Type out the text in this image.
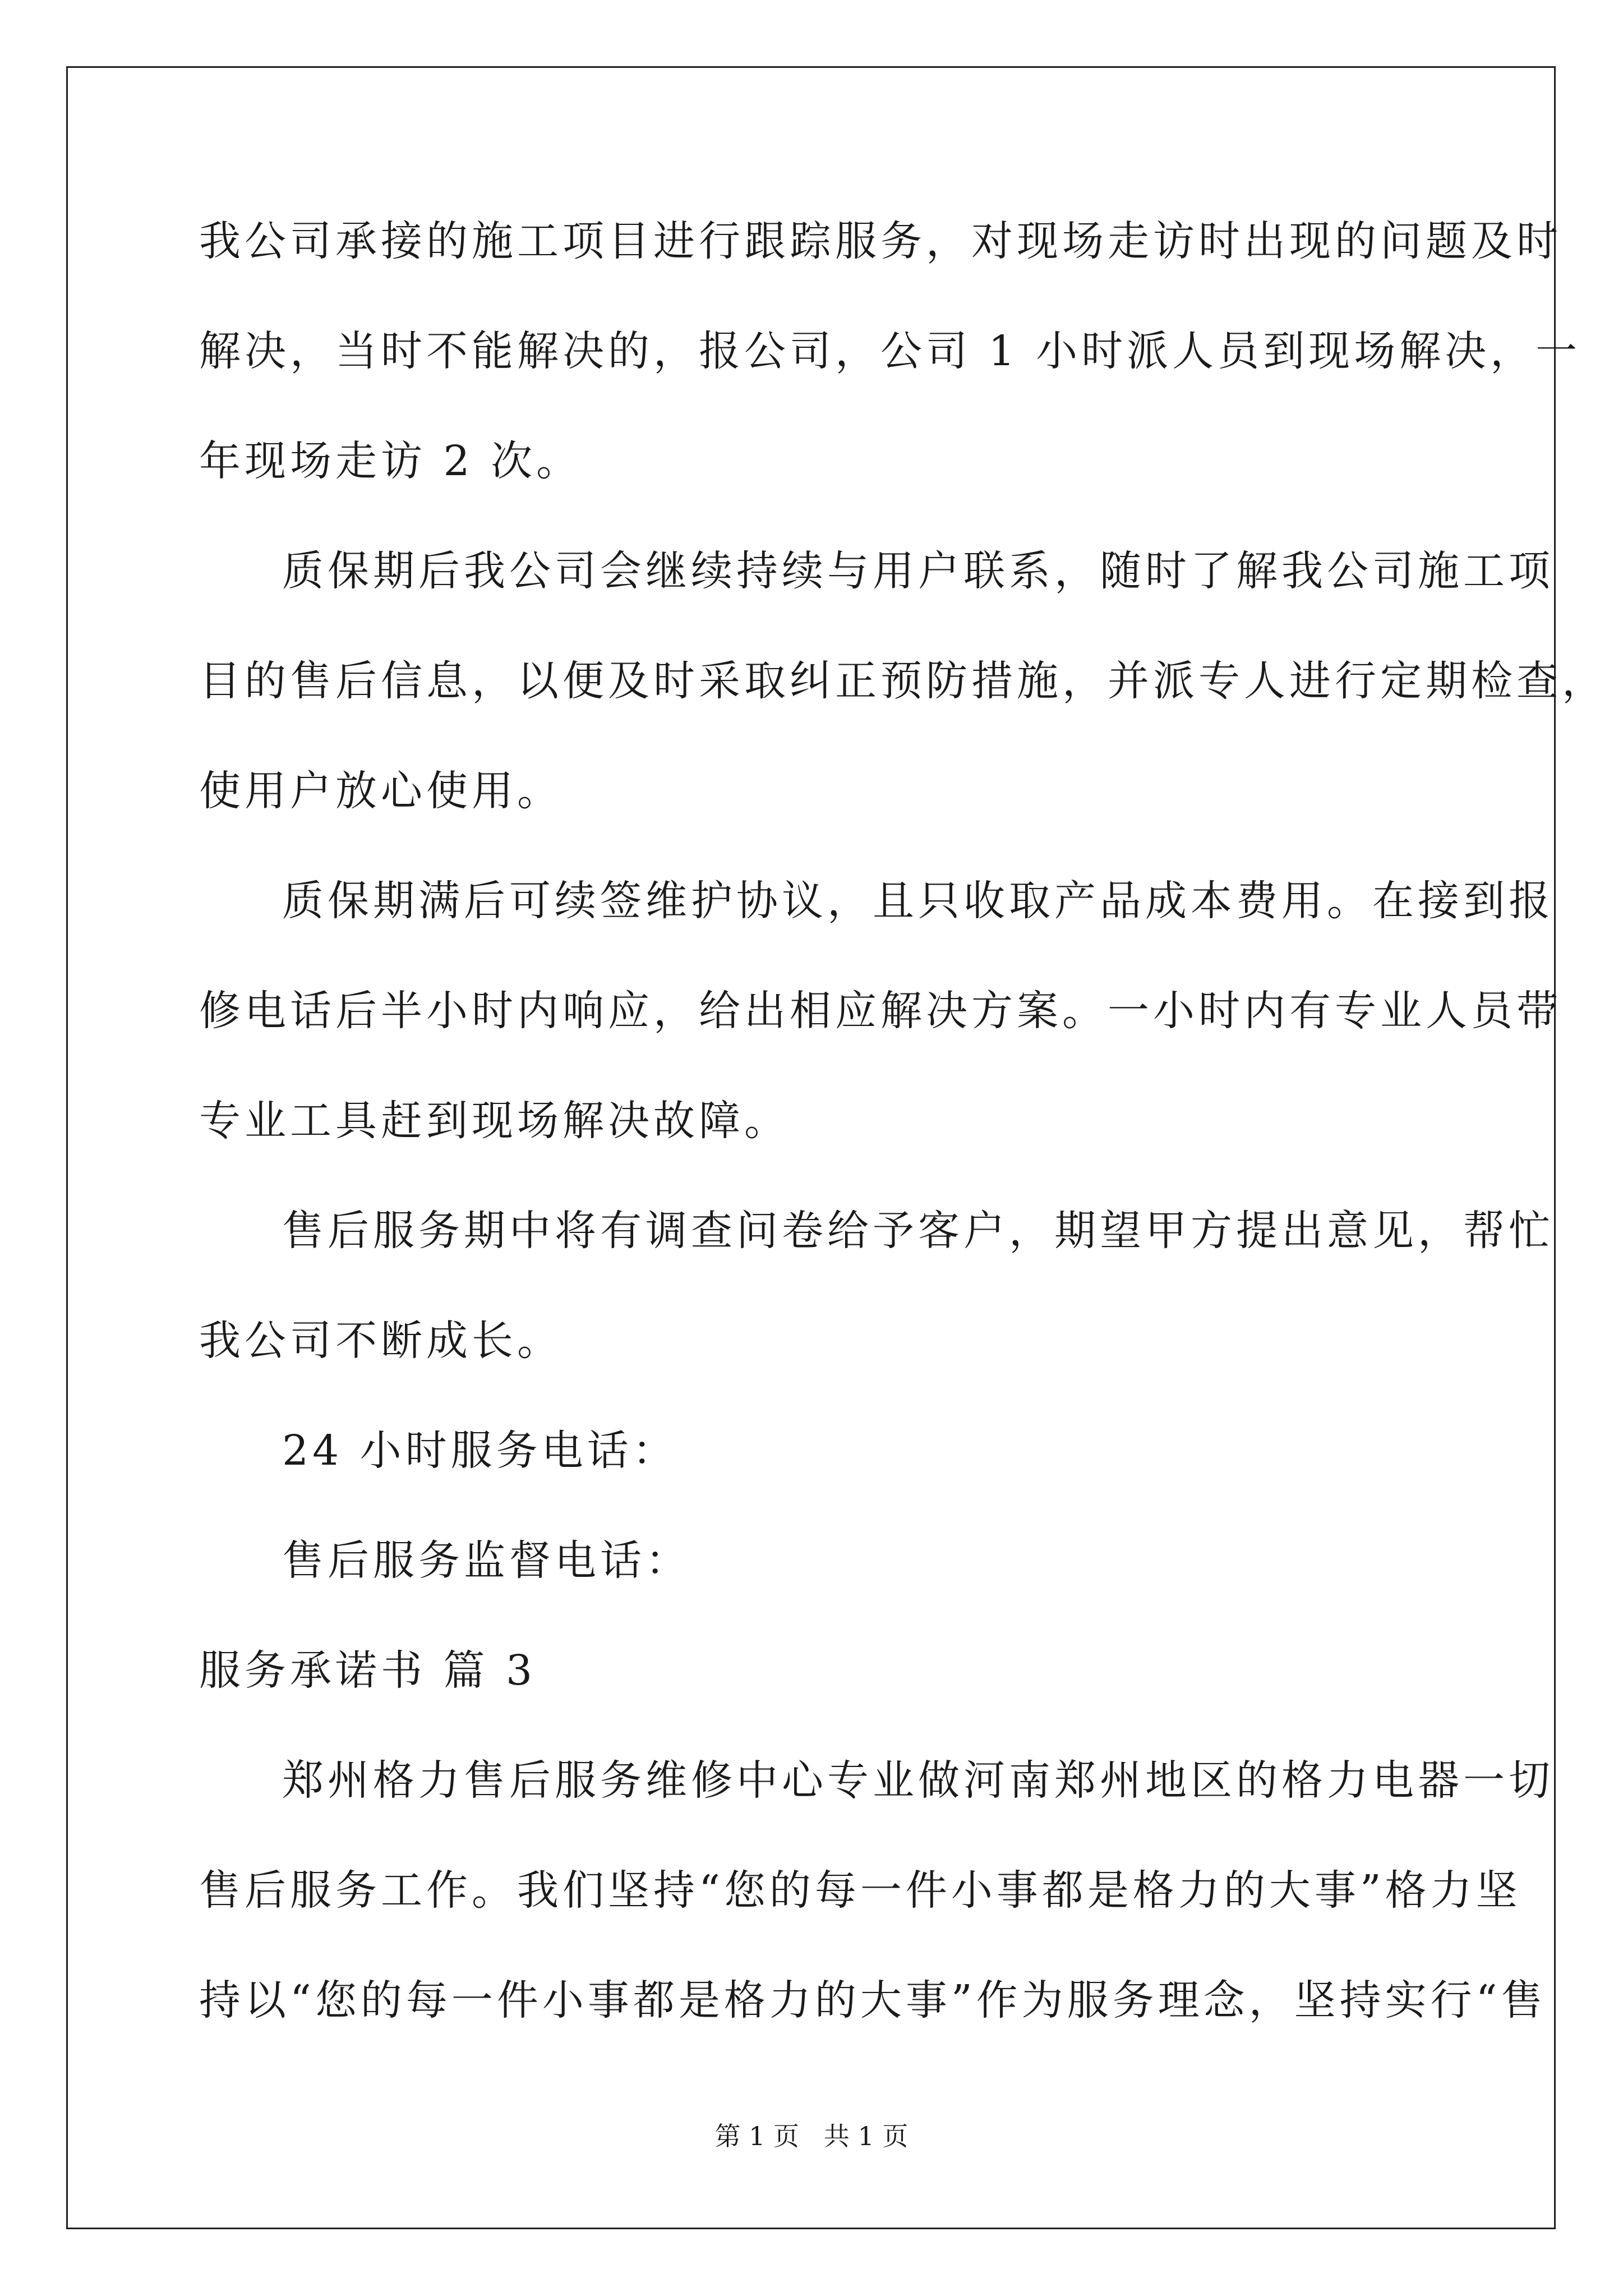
我公司承接的施工项目进行跟踪服务，对现场走访时出现的问题及时
解决，当时不能解决的，报公司，公司 1 小时派人员到现场解决，一
年现场走访 2 次。
质保期后我公司会继续持续与用户联系，随时了解我公司施工项
目的售后信息，以便及时采取纠正预防措施，并派专人进行定期检查，
使用户放心使用。
质保期满后可续签维护协议，且只收取产品成本费用。在接到报
修电话后半小时内响应，给出相应解决方案。一小时内有专业人员带
专业工具赶到现场解决故障。
售后服务期中将有调查问卷给予客户，期望甲方提出意见，帮忙
我公司不断成长。
24 小时服务电话：
售后服务监督电话：
服务承诺书 篇 3
郑州格力售后服务维修中心专业做河南郑州地区的格力电器一切
售后服务工作。我们坚持“您的每一件小事都是格力的大事”格力坚
持以“您的每一件小事都是格力的大事”作为服务理念，坚持实行“售
第 1 页   共 1 页
